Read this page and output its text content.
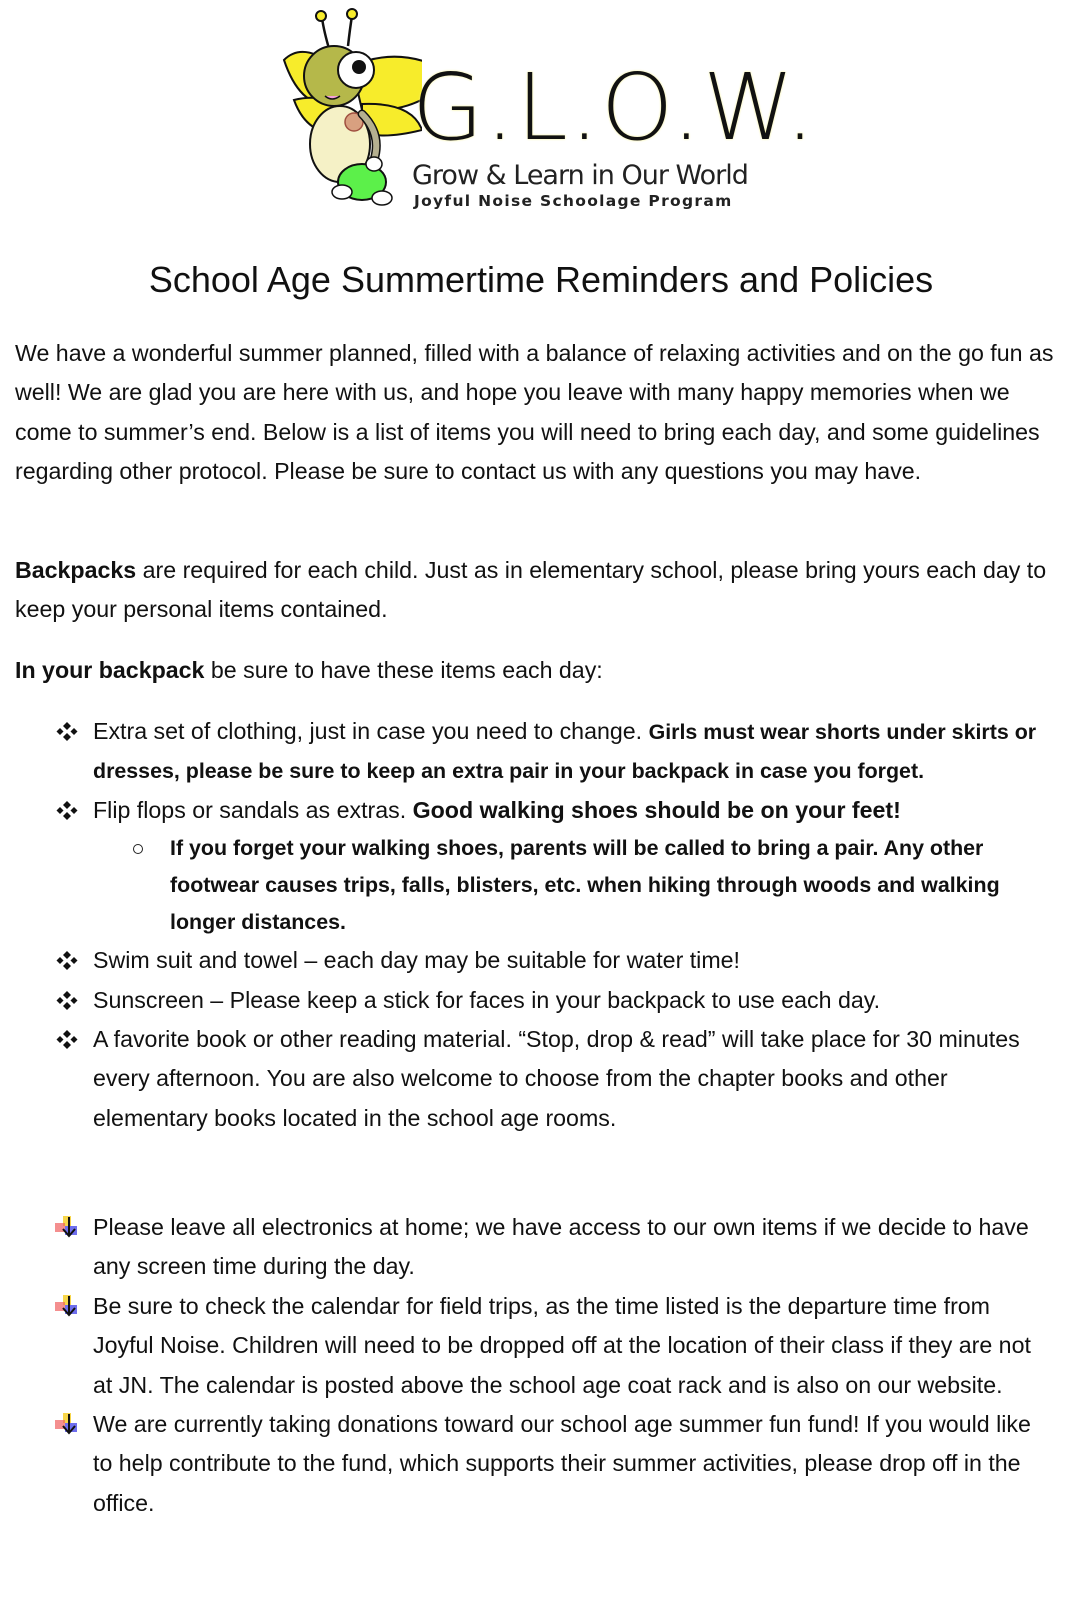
G.L.O.W.
Grow & Learn in Our World
Joyful Noise Schoolage Program
School Age Summertime Reminders and Policies

We have a wonderful summer planned, filled with a balance of relaxing activities and on the go fun as well! We are glad you are here with us, and hope you leave with many happy memories when we come to summer’s end. Below is a list of items you will need to bring each day, and some guidelines regarding other protocol. Please be sure to contact us with any questions you may have.

Backpacks are required for each child. Just as in elementary school, please bring yours each day to keep your personal items contained.

In your backpack be sure to have these items each day:

Extra set of clothing, just in case you need to change. Girls must wear shorts under skirts or dresses, please be sure to keep an extra pair in your backpack in case you forget.
Flip flops or sandals as extras. Good walking shoes should be on your feet!
If you forget your walking shoes, parents will be called to bring a pair. Any other footwear causes trips, falls, blisters, etc. when hiking through woods and walking longer distances.
Swim suit and towel – each day may be suitable for water time!
Sunscreen – Please keep a stick for faces in your backpack to use each day.
A favorite book or other reading material. “Stop, drop & read” will take place for 30 minutes every afternoon. You are also welcome to choose from the chapter books and other elementary books located in the school age rooms.
Please leave all electronics at home; we have access to our own items if we decide to have any screen time during the day.
Be sure to check the calendar for field trips, as the time listed is the departure time from Joyful Noise. Children will need to be dropped off at the location of their class if they are not at JN. The calendar is posted above the school age coat rack and is also on our website.
We are currently taking donations toward our school age summer fun fund! If you would like to help contribute to the fund, which supports their summer activities, please drop off in the office.
